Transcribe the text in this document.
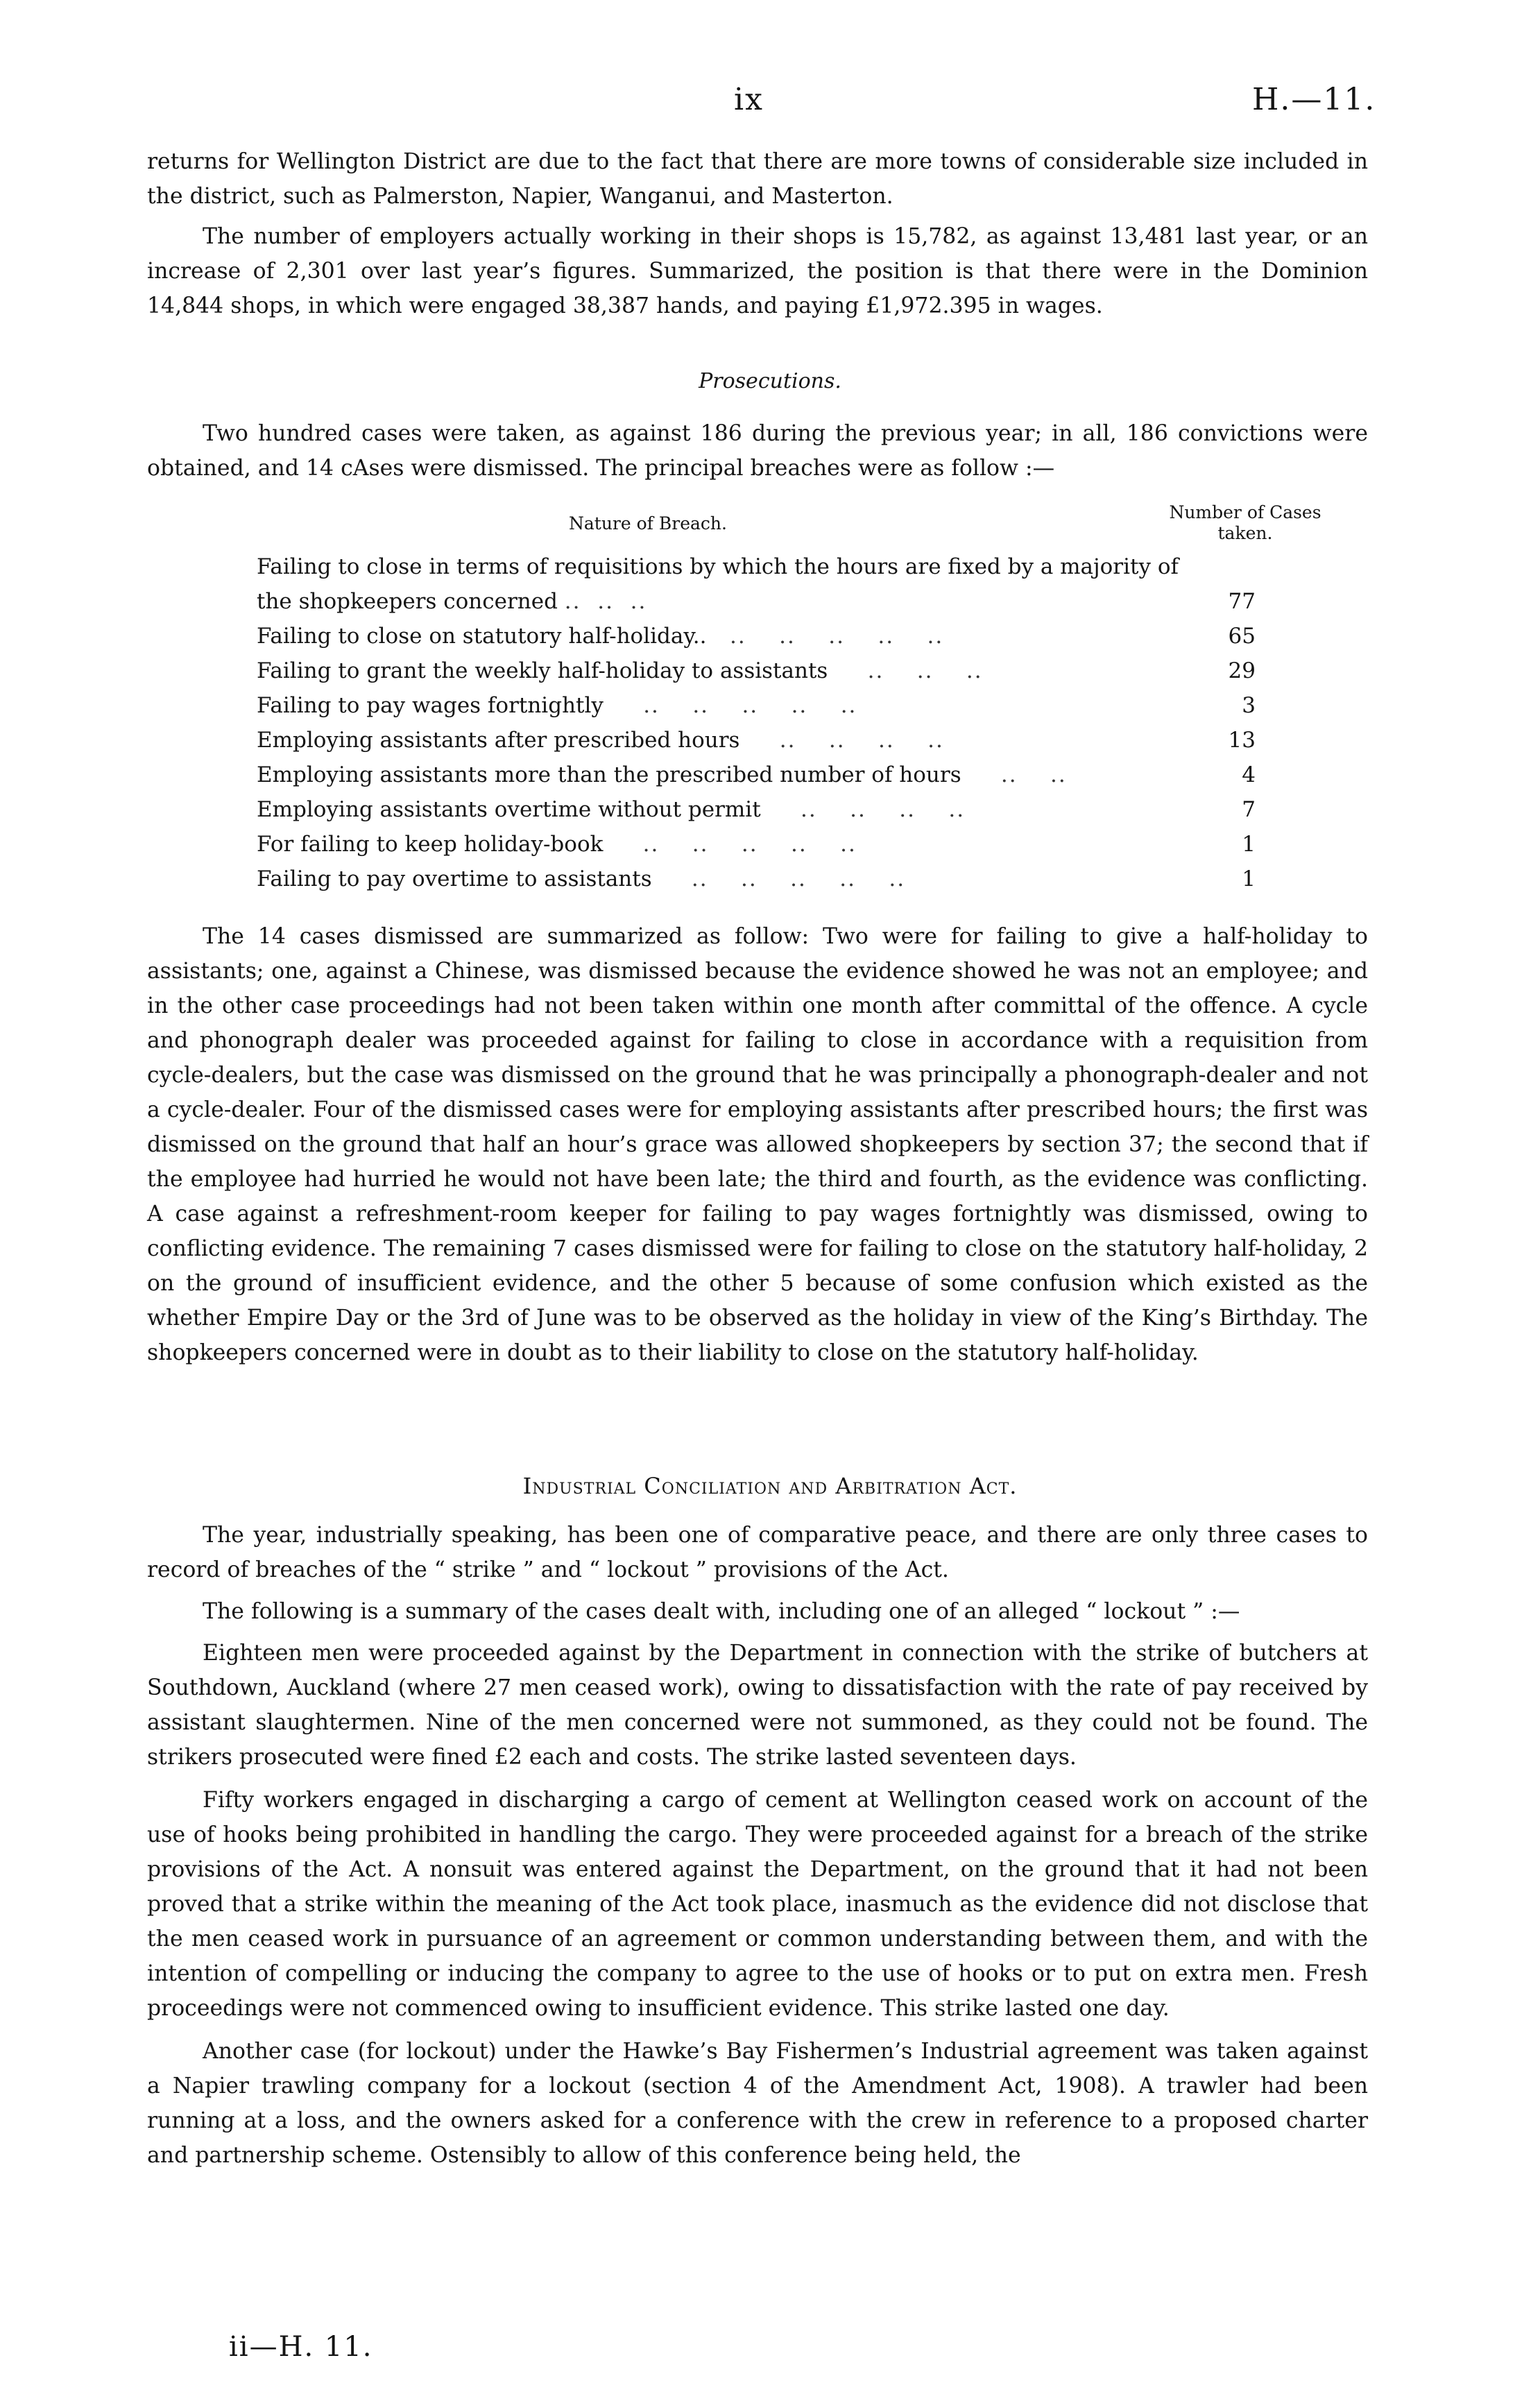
ix	H.—11.

returns for Wellington District are due to the fact that there are more towns of considerable size included in the district, such as Palmerston, Napier, Wanganui, and Masterton.

The number of employers actually working in their shops is 15,782, as against 13,481 last year, or an increase of 2,301 over last year’s figures. Summarized, the position is that there were in the Dominion 14,844 shops, in which were engaged 38,387 hands, and paying £1,972.395 in wages.

Prosecutions.

Two hundred cases were taken, as against 186 during the previous year; in all, 186 convictions were obtained, and 14 cAses were dismissed. The principal breaches were as follow :—

Nature of Breach.
Number of Cases taken.
Failing to close in terms of requisitions by which the hours are fixed by a majority of the shopkeepers concerned ..  ..  ..	77
Failing to close on statutory half-holiday..   ..    ..    ..    ..    ..	65
Failing to grant the weekly half-holiday to assistants     ..    ..    ..	29
Failing to pay wages fortnightly     ..    ..    ..    ..    ..	3
Employing assistants after prescribed hours     ..    ..    ..    ..	13
Employing assistants more than the prescribed number of hours     ..    ..	4
Employing assistants overtime without permit     ..    ..    ..    ..	7
For failing to keep holiday-book     ..    ..    ..    ..    ..	1
Failing to pay overtime to assistants     ..    ..    ..    ..    ..	1

The 14 cases dismissed are summarized as follow: Two were for failing to give a half-holiday to assistants; one, against a Chinese, was dismissed because the evidence showed he was not an employee; and in the other case proceedings had not been taken within one month after committal of the offence. A cycle and phonograph dealer was proceeded against for failing to close in accordance with a requisition from cycle-dealers, but the case was dismissed on the ground that he was principally a phonograph-dealer and not a cycle-dealer. Four of the dismissed cases were for employing assistants after prescribed hours; the first was dismissed on the ground that half an hour’s grace was allowed shopkeepers by section 37; the second that if the employee had hurried he would not have been late; the third and fourth, as the evidence was conflicting. A case against a refreshment-room keeper for failing to pay wages fortnightly was dismissed, owing to conflicting evidence. The remaining 7 cases dismissed were for failing to close on the statutory half-holiday, 2 on the ground of insufficient evidence, and the other 5 because of some confusion which existed as the whether Empire Day or the 3rd of June was to be observed as the holiday in view of the King’s Birthday. The shopkeepers concerned were in doubt as to their liability to close on the statutory half-holiday.

Industrial Conciliation and Arbitration Act.

The year, industrially speaking, has been one of comparative peace, and there are only three cases to record of breaches of the “ strike ” and “ lockout ” provisions of the Act.

The following is a summary of the cases dealt with, including one of an alleged “ lockout ” :—

Eighteen men were proceeded against by the Department in connection with the strike of butchers at Southdown, Auckland (where 27 men ceased work), owing to dissatisfaction with the rate of pay received by assistant slaughtermen. Nine of the men concerned were not summoned, as they could not be found. The strikers prosecuted were fined £2 each and costs. The strike lasted seventeen days.

Fifty workers engaged in discharging a cargo of cement at Wellington ceased work on account of the use of hooks being prohibited in handling the cargo. They were proceeded against for a breach of the strike provisions of the Act. A nonsuit was entered against the Department, on the ground that it had not been proved that a strike within the meaning of the Act took place, inasmuch as the evidence did not disclose that the men ceased work in pursuance of an agreement or common understanding between them, and with the intention of compelling or inducing the company to agree to the use of hooks or to put on extra men. Fresh proceedings were not commenced owing to insufficient evidence. This strike lasted one day.

Another case (for lockout) under the Hawke’s Bay Fishermen’s Industrial agreement was taken against a Napier trawling company for a lockout (section 4 of the Amendment Act, 1908). A trawler had been running at a loss, and the owners asked for a conference with the crew in reference to a proposed charter and partnership scheme. Ostensibly to allow of this conference being held, the

ii—H. 11.
